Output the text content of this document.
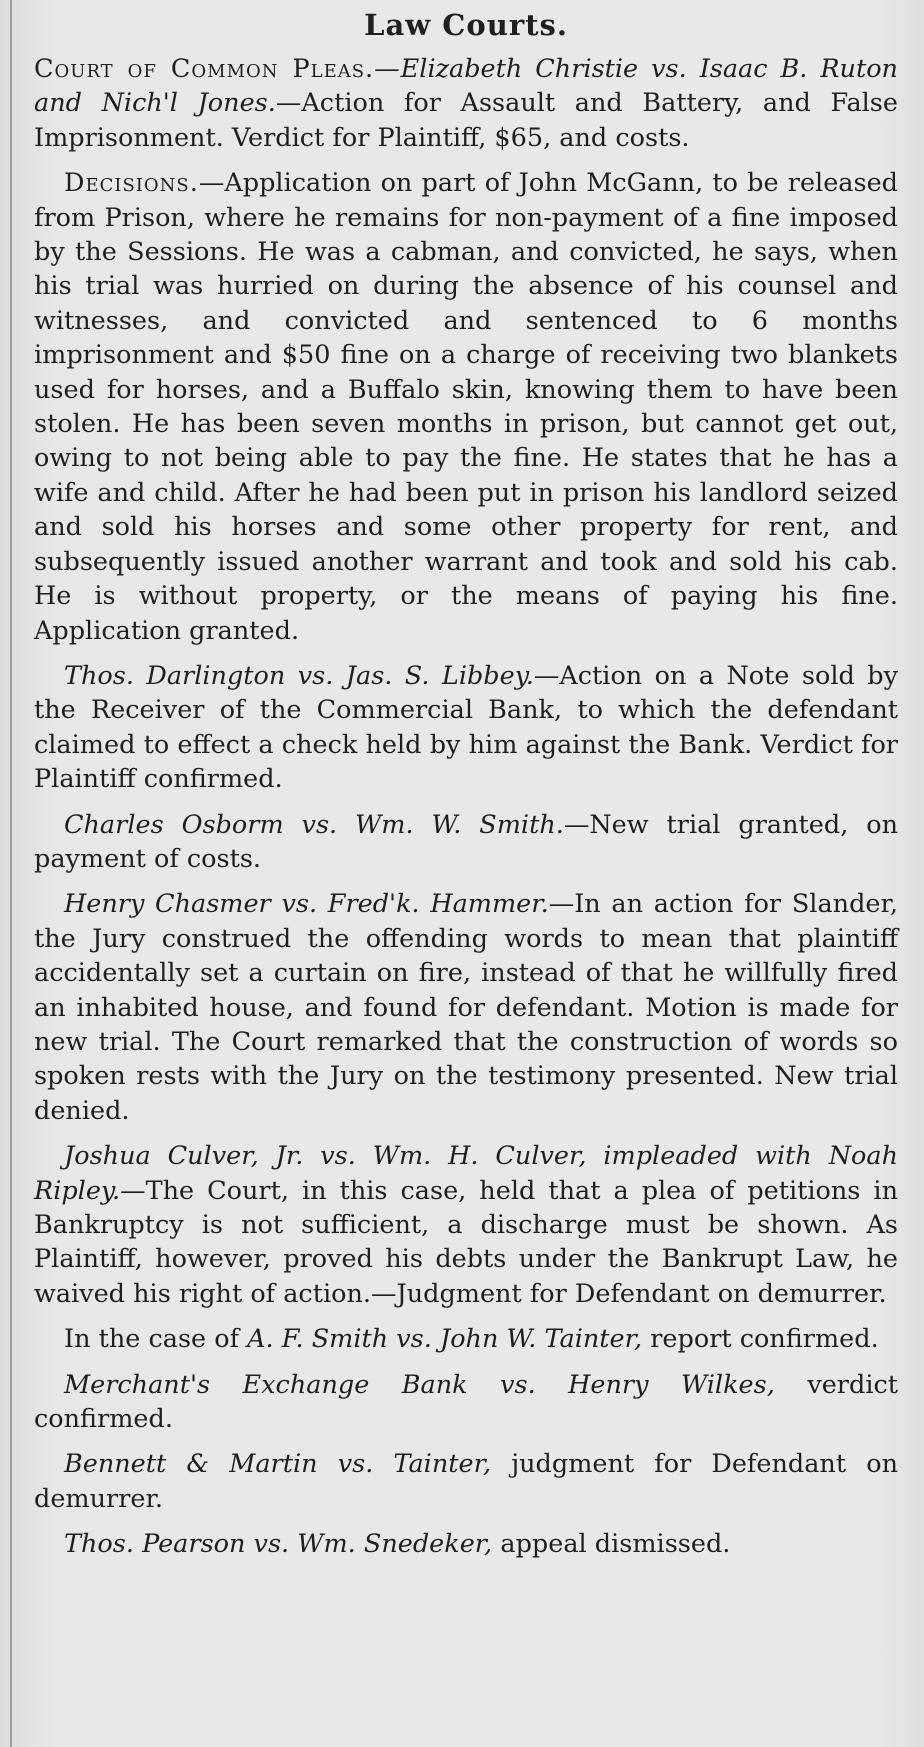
Law Courts.

Court of Common Pleas.—Elizabeth Christie vs. Isaac B. Ruton and Nich'l Jones.—Action for Assault and Battery, and False Imprisonment. Verdict for Plaintiff, $65, and costs.

Decisions.—Application on part of John McGann, to be released from Prison, where he remains for non-payment of a fine imposed by the Sessions. He was a cabman, and convicted, he says, when his trial was hurried on during the absence of his counsel and witnesses, and convicted and sentenced to 6 months imprisonment and $50 fine on a charge of receiving two blankets used for horses, and a Buffalo skin, knowing them to have been stolen. He has been seven months in prison, but cannot get out, owing to not being able to pay the fine. He states that he has a wife and child. After he had been put in prison his landlord seized and sold his horses and some other property for rent, and subsequently issued another warrant and took and sold his cab. He is without property, or the means of paying his fine. Application granted.

Thos. Darlington vs. Jas. S. Libbey.—Action on a Note sold by the Receiver of the Commercial Bank, to which the defendant claimed to effect a check held by him against the Bank. Verdict for Plaintiff confirmed.

Charles Osborm vs. Wm. W. Smith.—New trial granted, on payment of costs.

Henry Chasmer vs. Fred'k. Hammer.—In an action for Slander, the Jury construed the offending words to mean that plaintiff accidentally set a curtain on fire, instead of that he willfully fired an inhabited house, and found for defendant. Motion is made for new trial. The Court remarked that the construction of words so spoken rests with the Jury on the testimony presented. New trial denied.

Joshua Culver, Jr. vs. Wm. H. Culver, impleaded with Noah Ripley.—The Court, in this case, held that a plea of petitions in Bankruptcy is not sufficient, a discharge must be shown. As Plaintiff, however, proved his debts under the Bankrupt Law, he waived his right of action.—Judgment for Defendant on demurrer.

In the case of A. F. Smith vs. John W. Tainter, report confirmed.

Merchant's Exchange Bank vs. Henry Wilkes, verdict confirmed.

Bennett & Martin vs. Tainter, judgment for Defendant on demurrer.

Thos. Pearson vs. Wm. Snedeker, appeal dismissed.
